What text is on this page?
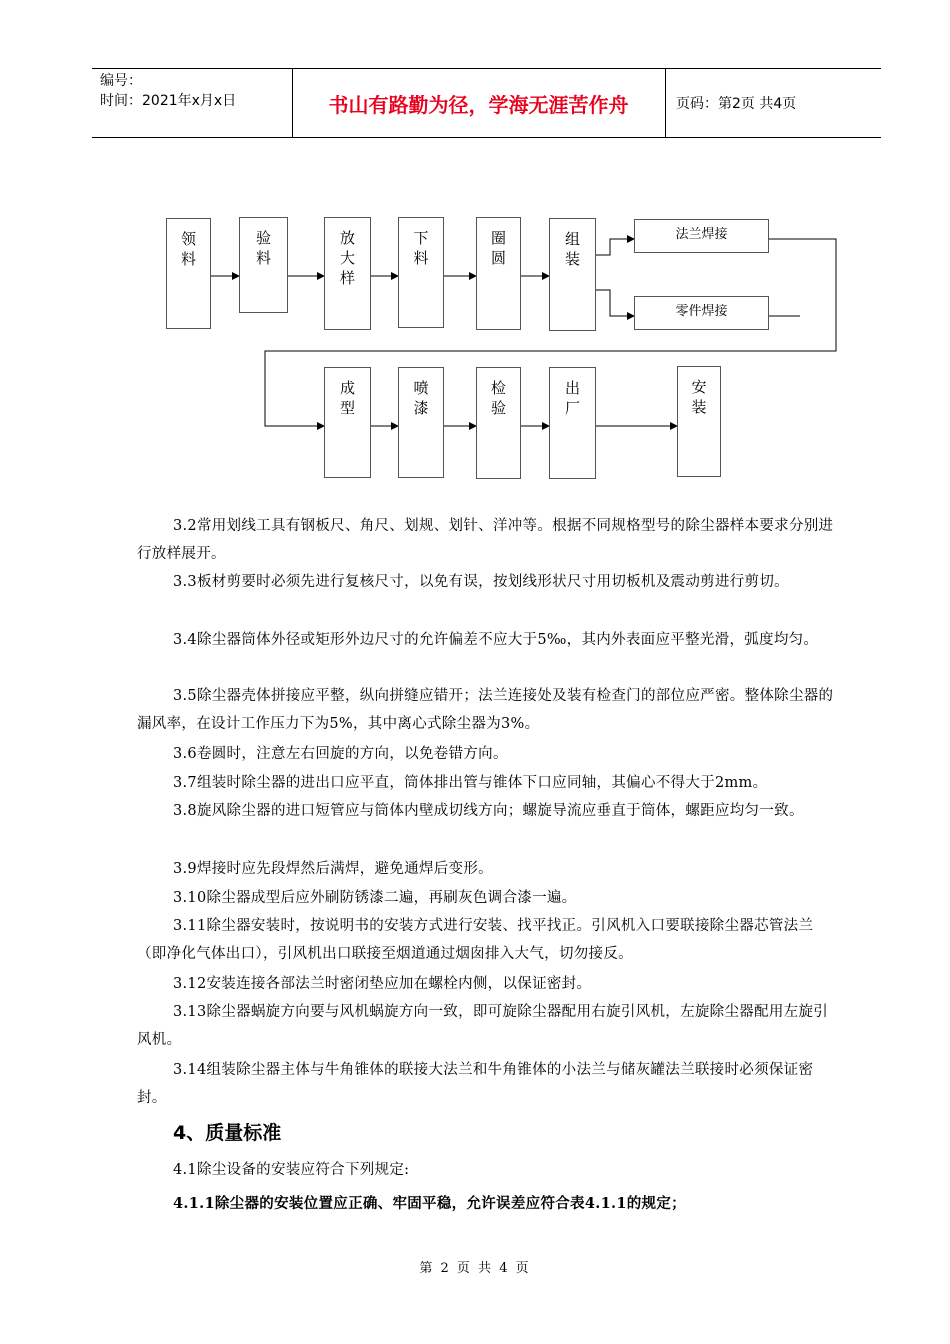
编号：
时间：2021年x月x日	书山有路勤为径，学海无涯苦作舟	页码：第2页 共4页
领料
验料
放大样
下料
圈圆
组装
法兰焊接
零件焊接
成型
喷漆
检验
出厂
安装
3.2常用划线工具有钢板尺、角尺、划规、划针、洋冲等。根据不同规格型号的除尘器样本要求分别进行放样展开。
3.3板材剪要时必须先进行复核尺寸，以免有误，按划线形状尺寸用切板机及震动剪进行剪切。
3.4除尘器筒体外径或矩形外边尺寸的允许偏差不应大于5‰，其内外表面应平整光滑，弧度均匀。
3.5除尘器壳体拼接应平整，纵向拼缝应错开；法兰连接处及装有检查门的部位应严密。整体除尘器的漏风率，在设计工作压力下为5%，其中离心式除尘器为3%。
3.6卷圆时，注意左右回旋的方向，以免卷错方向。
3.7组装时除尘器的进出口应平直，筒体排出管与锥体下口应同轴，其偏心不得大于2mm。
3.8旋风除尘器的进口短管应与筒体内壁成切线方向；螺旋导流应垂直于筒体，螺距应均匀一致。
3.9焊接时应先段焊然后满焊，避免通焊后变形。
3.10除尘器成型后应外刷防锈漆二遍，再刷灰色调合漆一遍。
3.11除尘器安装时，按说明书的安装方式进行安装、找平找正。引风机入口要联接除尘器芯管法兰（即净化气体出口），引风机出口联接至烟道通过烟囱排入大气，切勿接反。
3.12安装连接各部法兰时密闭垫应加在螺栓内侧，以保证密封。
3.13除尘器蜗旋方向要与风机蜗旋方向一致，即可旋除尘器配用右旋引风机，左旋除尘器配用左旋引风机。
3.14组装除尘器主体与牛角锥体的联接大法兰和牛角锥体的小法兰与储灰罐法兰联接时必须保证密封。
4、质量标准
4.1除尘设备的安装应符合下列规定:
4.1.1除尘器的安装位置应正确、牢固平稳，允许误差应符合表4.1.1的规定；
第 2 页 共 4 页
